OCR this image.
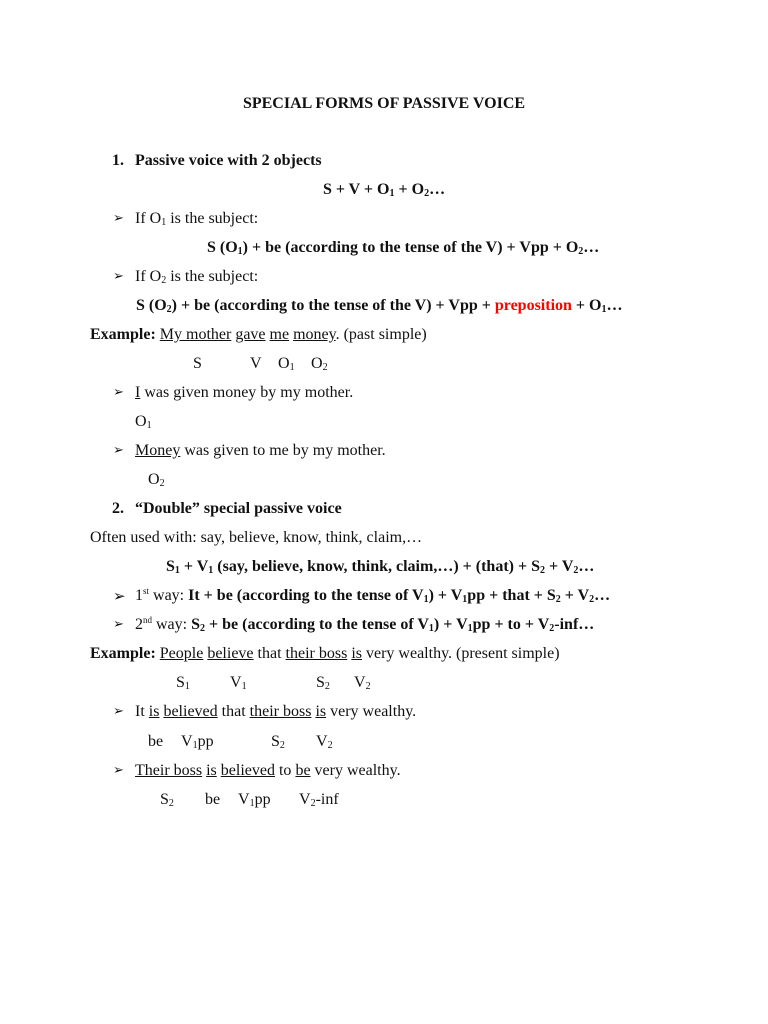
SPECIAL FORMS OF PASSIVE VOICE
1. Passive voice with 2 objects
$S + V + O_1$ + $O_2\dots$
➢ If $O_1$ is the subject:
S $(O_1)$ + be (according to the tense of the V) + Vpp + $O_2\dots$
➢ If $O_2$ is the subject:
S $(O_2)$ + be (according to the tense of the V) + Vpp + preposition + $O_1\dots$
Example: My mother gave me money. (past simple)
S	V $O_1$ $O_2$
➢ I was given money by my mother.
$O_1$
➢ Money was given to me by my mother.
$O_2$
2. “Double” special passive voice
Often used with: say, believe, know, think, claim,…
$S_1 + V_1$ (say, believe, know, think, claim,…) + (that) + $S_2$ + $V_2\dots$
➢ 1st way: It + be (according to the tense of $V_1) + V_1pp$ + that + $S_2$ + $V_2\dots$
➢ 2nd way: $S_2$ + be (according to the tense of $V_1) + V_1pp$ + to + $V_2-inf\dots$
Example: People believe that their boss is very wealthy. (present simple)
$S_1$	$V_1$	$S_2$ $V_2$
➢ It is believed that their boss is very wealthy.
be $V_1pp$	$S_2$ $V_2$
➢ Their boss is believed to be very wealthy.
$S_2$ be $V_1pp$ $V_2$-inf
